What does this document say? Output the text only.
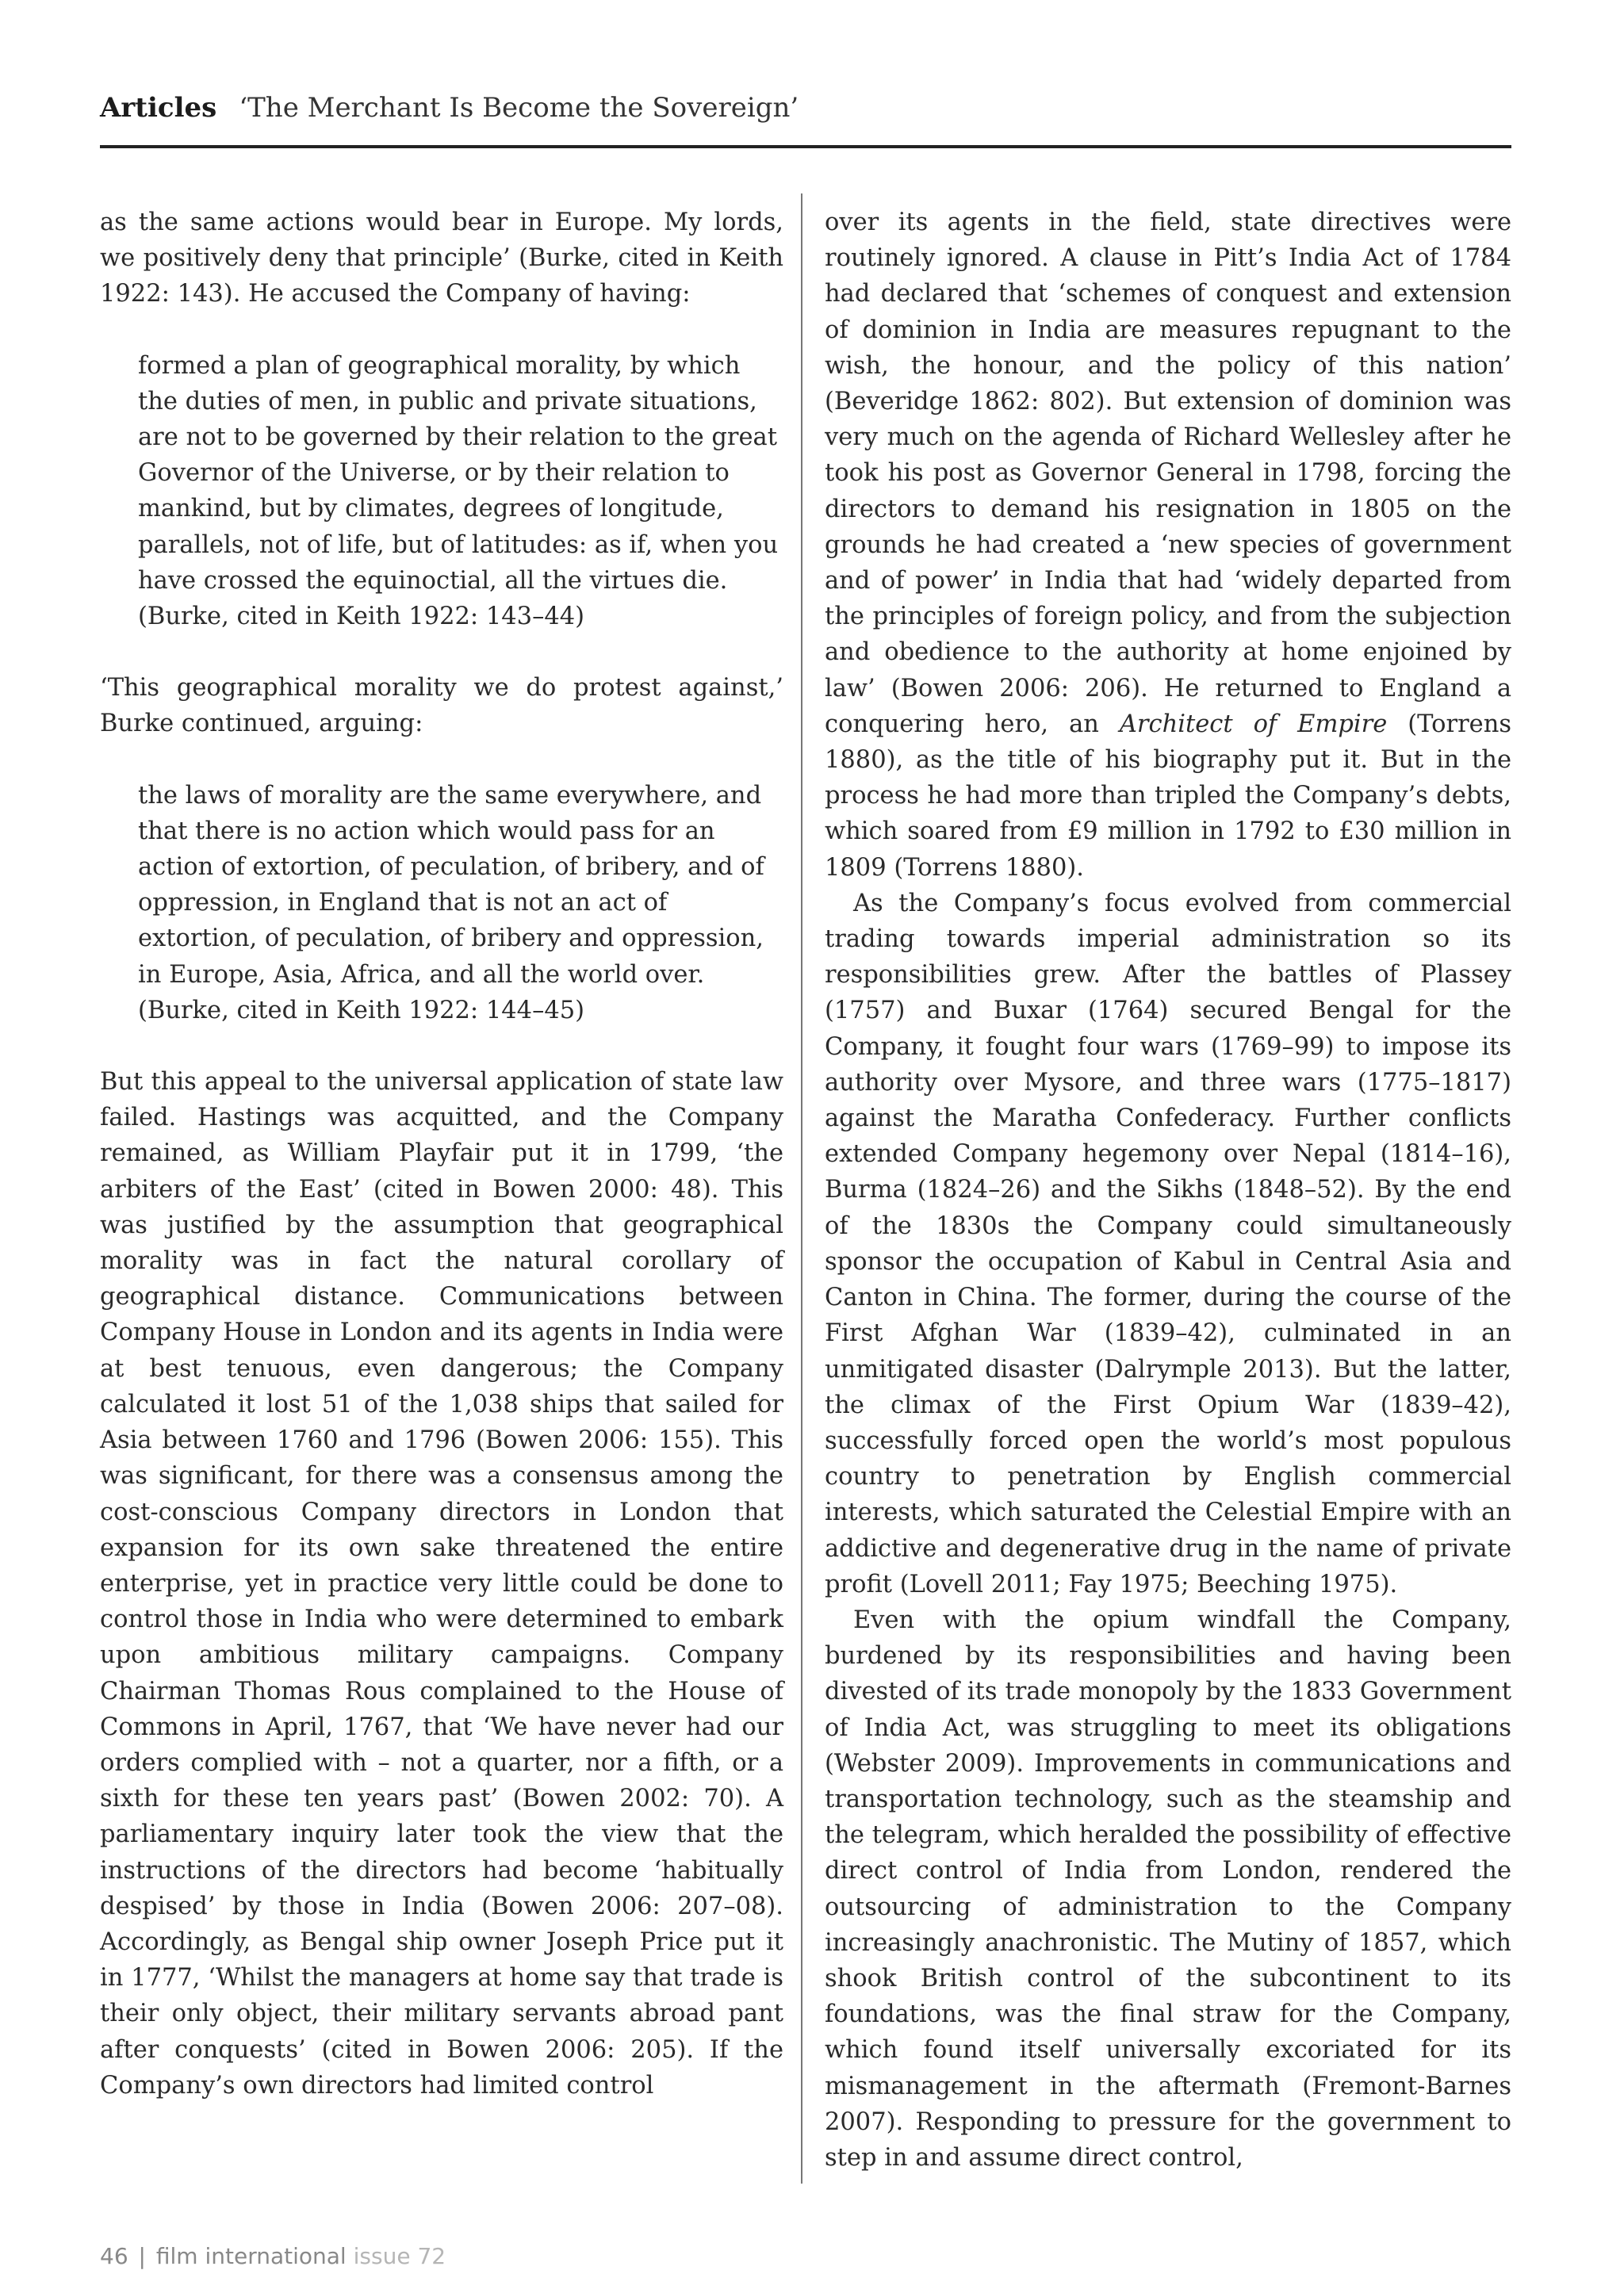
Articles ‘The Merchant Is Become the Sovereign’

as the same actions would bear in Europe. My lords, we positively deny that principle’ (Burke, cited in Keith 1922: 143). He accused the Company of having:

formed a plan of geographical morality, by which the duties of men, in public and private situations, are not to be governed by their relation to the great Governor of the Universe, or by their relation to mankind, but by climates, degrees of longitude, parallels, not of life, but of latitudes: as if, when you have crossed the equinoctial, all the virtues die. (Burke, cited in Keith 1922: 143–44)

‘This geographical morality we do protest against,’ Burke continued, arguing:

the laws of morality are the same everywhere, and that there is no action which would pass for an action of extortion, of peculation, of bribery, and of oppression, in England that is not an act of extortion, of peculation, of bribery and oppression, in Europe, Asia, Africa, and all the world over. (Burke, cited in Keith 1922: 144–45)

But this appeal to the universal application of state law failed. Hastings was acquitted, and the Company remained, as William Playfair put it in 1799, ‘the arbiters of the East’ (cited in Bowen 2000: 48). This was justified by the assumption that geographical morality was in fact the natural corollary of geographical distance. Communications between Company House in London and its agents in India were at best tenuous, even dangerous; the Company calculated it lost 51 of the 1,038 ships that sailed for Asia between 1760 and 1796 (Bowen 2006: 155). This was significant, for there was a consensus among the cost-conscious Company directors in London that expansion for its own sake threatened the entire enterprise, yet in practice very little could be done to control those in India who were determined to embark upon ambitious military campaigns. Company Chairman Thomas Rous complained to the House of Commons in April, 1767, that ‘We have never had our orders complied with – not a quarter, nor a fifth, or a sixth for these ten years past’ (Bowen 2002: 70). A parliamentary inquiry later took the view that the instructions of the directors had become ‘habitually despised’ by those in India (Bowen 2006: 207–08). Accordingly, as Bengal ship owner Joseph Price put it in 1777, ‘Whilst the managers at home say that trade is their only object, their military servants abroad pant after conquests’ (cited in Bowen 2006: 205). If the Company’s own directors had limited control

over its agents in the field, state directives were routinely ignored. A clause in Pitt’s India Act of 1784 had declared that ‘schemes of conquest and extension of dominion in India are measures repugnant to the wish, the honour, and the policy of this nation’ (Beveridge 1862: 802). But extension of dominion was very much on the agenda of Richard Wellesley after he took his post as Governor General in 1798, forcing the directors to demand his resignation in 1805 on the grounds he had created a ‘new species of government and of power’ in India that had ‘widely departed from the principles of foreign policy, and from the subjection and obedience to the authority at home enjoined by law’ (Bowen 2006: 206). He returned to England a conquering hero, an Architect of Empire (Torrens 1880), as the title of his biography put it. But in the process he had more than tripled the Company’s debts, which soared from £9 million in 1792 to £30 million in 1809 (Torrens 1880).

As the Company’s focus evolved from commercial trading towards imperial administration so its responsibilities grew. After the battles of Plassey (1757) and Buxar (1764) secured Bengal for the Company, it fought four wars (1769–99) to impose its authority over Mysore, and three wars (1775–1817) against the Maratha Confederacy. Further conflicts extended Company hegemony over Nepal (1814–16), Burma (1824–26) and the Sikhs (1848–52). By the end of the 1830s the Company could simultaneously sponsor the occupation of Kabul in Central Asia and Canton in China. The former, during the course of the First Afghan War (1839–42), culminated in an unmitigated disaster (Dalrymple 2013). But the latter, the climax of the First Opium War (1839–42), successfully forced open the world’s most populous country to penetration by English commercial interests, which saturated the Celestial Empire with an addictive and degenerative drug in the name of private profit (Lovell 2011; Fay 1975; Beeching 1975).

Even with the opium windfall the Company, burdened by its responsibilities and having been divested of its trade monopoly by the 1833 Government of India Act, was struggling to meet its obligations (Webster 2009). Improvements in communications and transportation technology, such as the steamship and the telegram, which heralded the possibility of effective direct control of India from London, rendered the outsourcing of administration to the Company increasingly anachronistic. The Mutiny of 1857, which shook British control of the subcontinent to its foundations, was the final straw for the Company, which found itself universally excoriated for its mismanagement in the aftermath (Fremont-Barnes 2007). Responding to pressure for the government to step in and assume direct control,

46 | film international issue 72
